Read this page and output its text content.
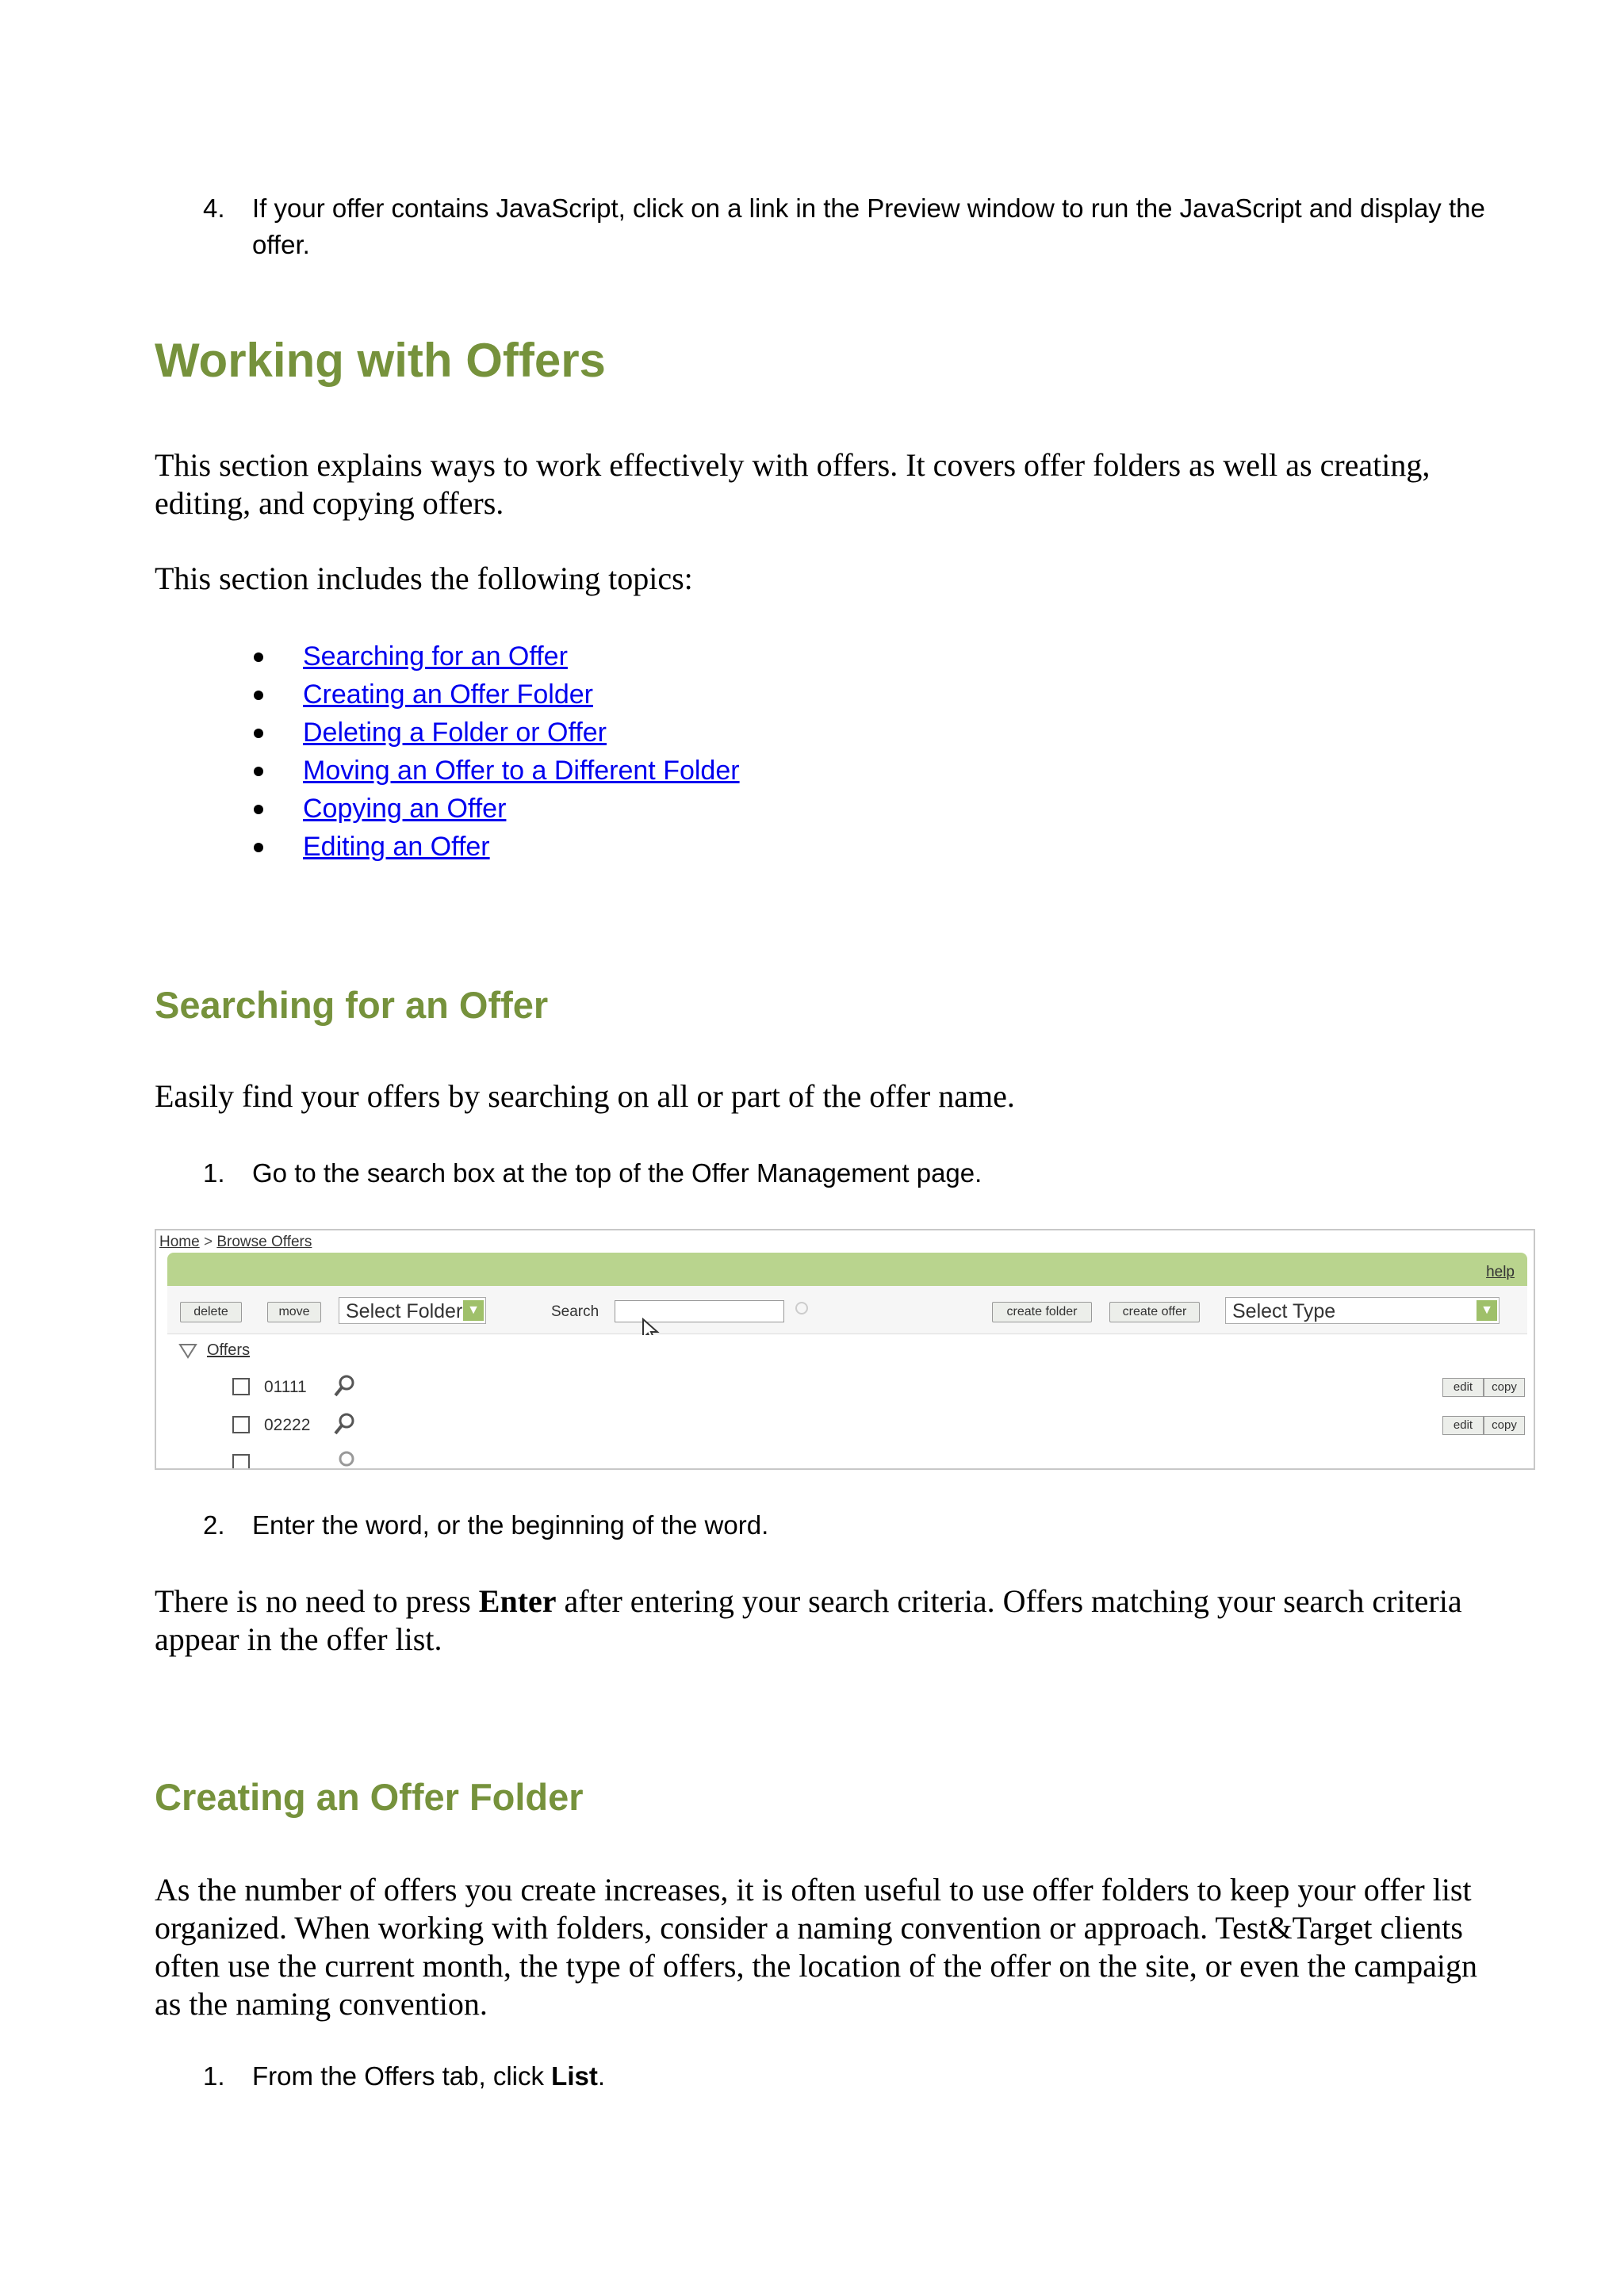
4. If your offer contains JavaScript, click on a link in the Preview window to run the JavaScript and display the offer.
Working with Offers
This section explains ways to work effectively with offers. It covers offer folders as well as creating, editing, and copying offers.
This section includes the following topics:
Searching for an Offer
Creating an Offer Folder
Deleting a Folder or Offer
Moving an Offer to a Different Folder
Copying an Offer
Editing an Offer
Searching for an Offer
Easily find your offers by searching on all or part of the offer name.
1. Go to the search box at the top of the Offer Management page.
Home > Browse Offers
help
delete	move	Select Folder ▼	Search	create folder	create offer	Select Type	▼
Offers
01111	edit	copy
02222	edit	copy
2. Enter the word, or the beginning of the word.
There is no need to press Enter after entering your search criteria. Offers matching your search criteria appear in the offer list.
Creating an Offer Folder
As the number of offers you create increases, it is often useful to use offer folders to keep your offer list organized. When working with folders, consider a naming convention or approach. Test&Target clients often use the current month, the type of offers, the location of the offer on the site, or even the campaign as the naming convention.
1. From the Offers tab, click List.
